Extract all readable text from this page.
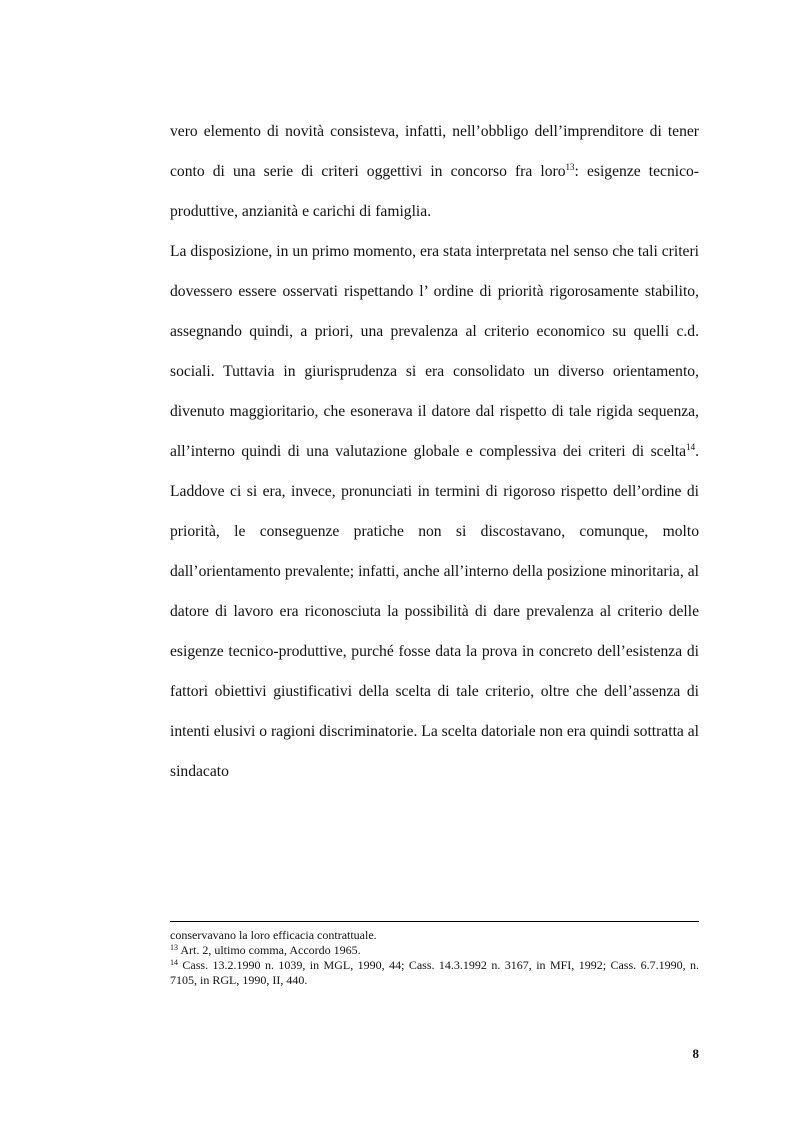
vero elemento di novità consisteva, infatti, nell’obbligo dell’imprenditore di tener conto di una serie di criteri oggettivi in concorso fra loro$^{13}$: esigenze tecnico-produttive, anzianità e carichi di famiglia.

La disposizione, in un primo momento, era stata interpretata nel senso che tali criteri dovessero essere osservati rispettando l’ ordine di priorità rigorosamente stabilito, assegnando quindi, a priori, una prevalenza al criterio economico su quelli c.d. sociali. Tuttavia in giurisprudenza si era consolidato un diverso orientamento, divenuto maggioritario, che esonerava il datore dal rispetto di tale rigida sequenza, all’interno quindi di una valutazione globale e complessiva dei criteri di scelta$^{14}$. Laddove ci si era, invece, pronunciati in termini di rigoroso rispetto dell’ordine di priorità, le conseguenze pratiche non si discostavano, comunque, molto dall’orientamento prevalente; infatti, anche all’interno della posizione minoritaria, al datore di lavoro era riconosciuta la possibilità di dare prevalenza al criterio delle esigenze tecnico-produttive, purché fosse data la prova in concreto dell’esistenza di fattori obiettivi giustificativi della scelta di tale criterio, oltre che dell’assenza di intenti elusivi o ragioni discriminatorie. La scelta datoriale non era quindi sottratta al sindacato

conservavano la loro efficacia contrattuale.

$^{13}$ Art. 2, ultimo comma, Accordo 1965.

$^{14}$ Cass. 13.2.1990 n. 1039, in MGL, 1990, 44; Cass. 14.3.1992 n. 3167, in MFI, 1992; Cass. 6.7.1990, n. 7105, in RGL, 1990, II, 440.

8
